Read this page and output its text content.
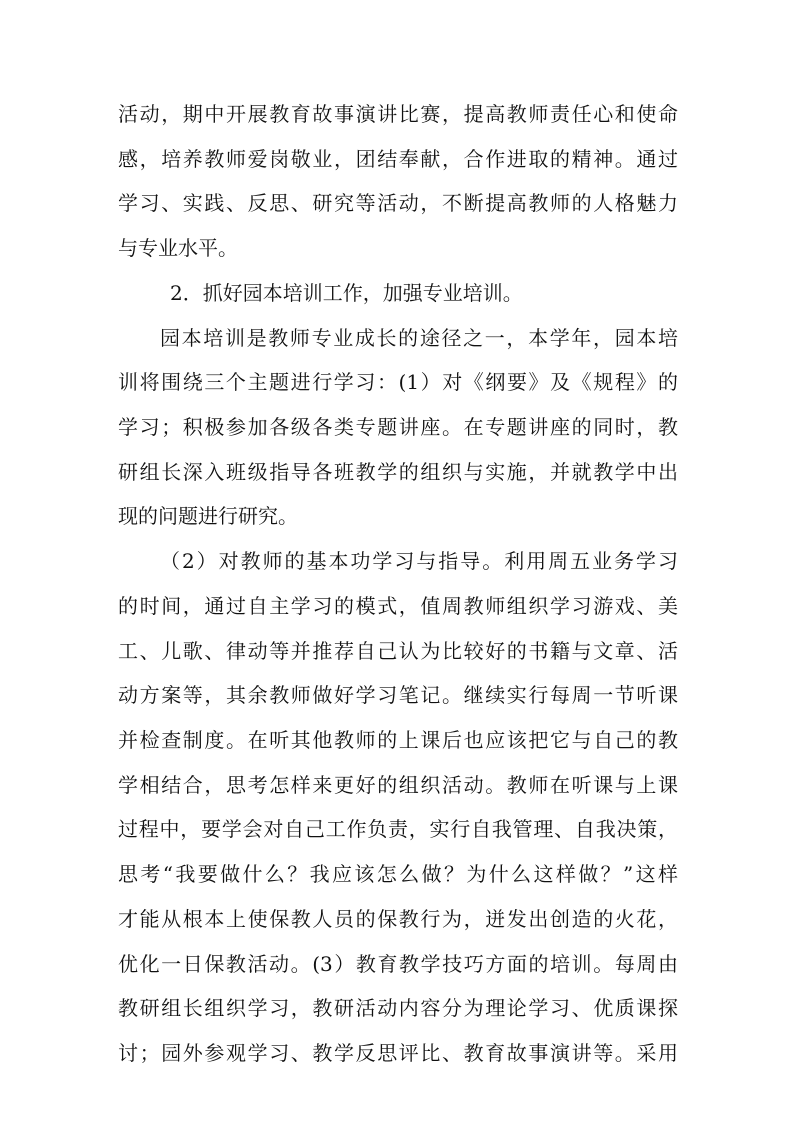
活动，期中开展教育故事演讲比赛，提高教师责任心和使命
感，培养教师爱岗敬业，团结奉献，合作进取的精神。通过
学习、实践、反思、研究等活动，不断提高教师的人格魅力
与专业水平。
2．抓好园本培训工作，加强专业培训。
园本培训是教师专业成长的途径之一，本学年，园本培
训将围绕三个主题进行学习：(1）对《纲要》及《规程》的
学习；积极参加各级各类专题讲座。在专题讲座的同时，教
研组长深入班级指导各班教学的组织与实施，并就教学中出
现的问题进行研究。
（2）对教师的基本功学习与指导。利用周五业务学习
的时间，通过自主学习的模式，值周教师组织学习游戏、美
工、儿歌、律动等并推荐自己认为比较好的书籍与文章、活
动方案等，其余教师做好学习笔记。继续实行每周一节听课
并检查制度。在听其他教师的上课后也应该把它与自己的教
学相结合，思考怎样来更好的组织活动。教师在听课与上课
过程中，要学会对自己工作负责，实行自我管理、自我决策，
思考“我要做什么？我应该怎么做？为什么这样做？”这样
才能从根本上使保教人员的保教行为，迸发出创造的火花，
优化一日保教活动。(3）教育教学技巧方面的培训。每周由
教研组长组织学习，教研活动内容分为理论学习、优质课探
讨；园外参观学习、教学反思评比、教育故事演讲等。采用
